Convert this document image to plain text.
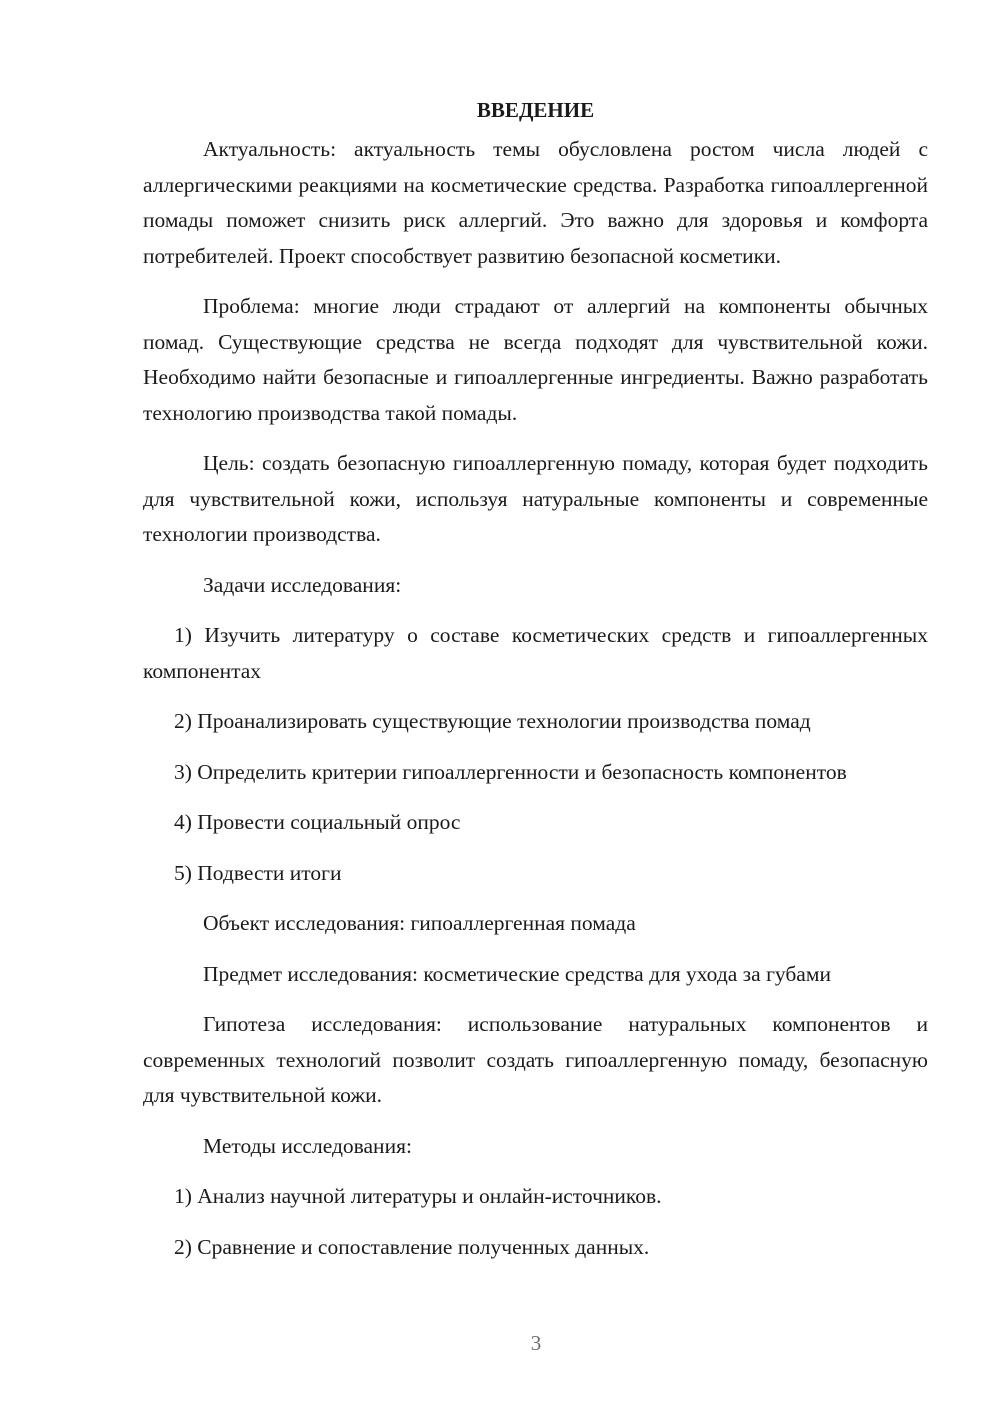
ВВЕДЕНИЕ

Актуальность: актуальность темы обусловлена ростом числа людей с аллергическими реакциями на косметические средства. Разработка гипоаллергенной помады поможет снизить риск аллергий. Это важно для здоровья и комфорта потребителей. Проект способствует развитию безопасной косметики.

Проблема: многие люди страдают от аллергий на компоненты обычных помад. Существующие средства не всегда подходят для чувствительной кожи. Необходимо найти безопасные и гипоаллергенные ингредиенты. Важно разработать технологию производства такой помады.

Цель: создать безопасную гипоаллергенную помаду, которая будет подходить для чувствительной кожи, используя натуральные компоненты и современные технологии производства.

Задачи исследования:

1) Изучить литературу о составе косметических средств и гипоаллергенных компонентах

2) Проанализировать существующие технологии производства помад

3) Определить критерии гипоаллергенности и безопасность компонентов

4) Провести социальный опрос

5) Подвести итоги

Объект исследования: гипоаллергенная помада

Предмет исследования: косметические средства для ухода за губами

Гипотеза исследования: использование натуральных компонентов и современных технологий позволит создать гипоаллергенную помаду, безопасную для чувствительной кожи.

Методы исследования:

1) Анализ научной литературы и онлайн-источников.

2) Сравнение и сопоставление полученных данных.

3
